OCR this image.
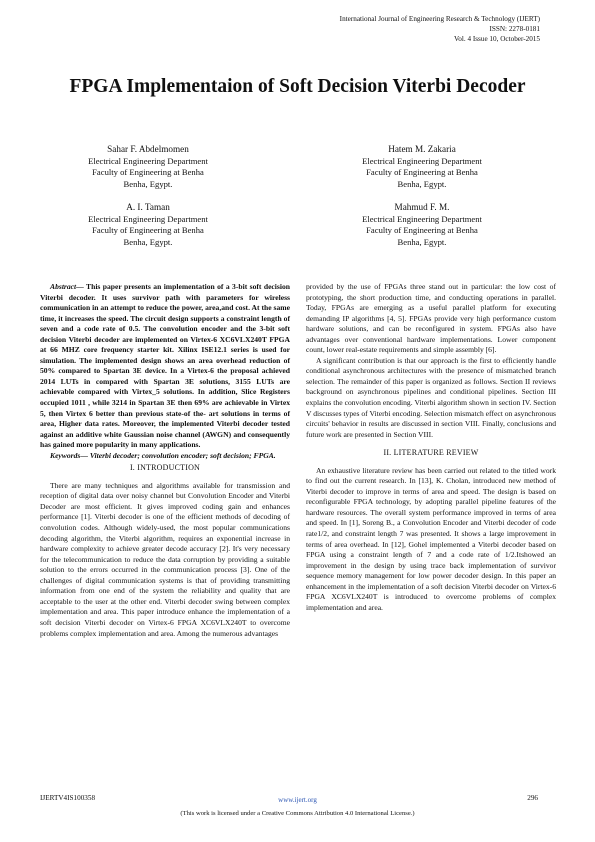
International Journal of Engineering Research & Technology (IJERT)
ISSN: 2278-0181
Vol. 4 Issue 10, October-2015
FPGA Implementaion of Soft Decision Viterbi Decoder
Sahar F. Abdelmomen
Electrical Engineering Department
Faculty of Engineering at Benha
Benha, Egypt.
Hatem M. Zakaria
Electrical Engineering Department
Faculty of Engineering at Benha
Benha, Egypt.
A. I. Taman
Electrical Engineering Department
Faculty of Engineering at Benha
Benha, Egypt.
Mahmud F. M.
Electrical Engineering Department
Faculty of Engineering at Benha
Benha, Egypt.

Abstract— This paper presents an implementation of a 3-bit soft decision Viterbi decoder. It uses survivor path with parameters for wireless communication in an attempt to reduce the power, area,and cost. At the same time, it increases the speed. The circuit design supports a constraint length of seven and a code rate of 0.5. The convolution encoder and the 3-bit soft decision Viterbi decoder are implemented on Virtex-6 XC6VLX240T FPGA at 66 MHZ core frequency starter kit. Xilinx ISE12.1 series is used for simulation. The implemented design shows an area overhead reduction of 50% compared to Spartan 3E device. In a Virtex-6 the proposal achieved 2014 LUTs in compared with Spartan 3E solutions, 3155 LUTs are achievable compared with Virtex_5 solutions. In addition, Slice Registers occupied 1011 , while 3214 in Spartan 3E then 69% are achievable in Virtex 5, then Virtex 6 better than previous state-of the- art solutions in terms of area, Higher data rates. Moreover, the implemented Viterbi decoder tested against an additive white Gaussian noise channel (AWGN) and consequently has gained more popularity in many applications.

Keywords— Viterbi decoder; convolution encoder; soft decision; FPGA.

I. INTRODUCTION

There are many techniques and algorithms available for transmission and reception of digital data over noisy channel but Convolution Encoder and Viterbi Decoder are most efficient. It gives improved coding gain and enhances performance [1]. Viterbi decoder is one of the efficient methods of decoding of convolution codes. Although widely-used, the most popular communications decoding algorithm, the Viterbi algorithm, requires an exponential increase in hardware complexity to achieve greater decode accuracy [2]. It's very necessary for the telecommunication to reduce the data corruption by providing a suitable solution to the errors occurred in the communication process [3]. One of the challenges of digital communication systems is that of providing transmitting information from one end of the system the reliability and quality that are acceptable to the user at the other end. Viterbi decoder swing between complex implementation and area. This paper introduce enhance the implementation of a soft decision Viterbi decoder on Virtex-6 FPGA XC6VLX240T to overcome problems complex implementation and area. Among the numerous advantages

provided by the use of FPGAs three stand out in particular: the low cost of prototyping, the short production time, and conducting operations in parallel. Today, FPGAs are emerging as a useful parallel platform for executing demanding IP algorithms [4, 5]. FPGAs provide very high performance custom hardware solutions, and can be reconfigured in system. FPGAs also have advantages over conventional hardware implementations. Lower component count, lower real-estate requirements and simple assembly [6].

A significant contribution is that our approach is the first to efficiently handle conditional asynchronous architectures with the presence of mismatched branch selection. The remainder of this paper is organized as follows. Section II reviews background on asynchronous pipelines and conditional pipelines. Section III explains the convolution encoding. Viterbi algorithm shown in section IV. Section V discusses types of Viterbi encoding. Selection mismatch effect on asynchronous circuits' behavior in results are discussed in section VIII. Finally, conclusions and future work are presented in Section VIII.

II. LITERATURE REVIEW

An exhaustive literature review has been carried out related to the titled work to find out the current research. In [13], K. Cholan, introduced new method of Viterbi decoder to improve in terms of area and speed. The design is based on reconfigurable FPGA technology, by adopting parallel pipeline features of the hardware resources. The overall system performance improved in terms of area and speed. In [1], Soreng B., a Convolution Encoder and Viterbi decoder of code rate1/2, and constraint length 7 was presented. It shows a large improvement in terms of area overhead. In [12], Gohel implemented a Viterbi decoder based on FPGA using a constraint length of 7 and a code rate of 1/2.Itshowed an improvement in the design by using trace back implementation of survivor sequence memory management for low power decoder design. In this paper an enhancement in the implementation of a soft decision Viterbi decoder on Virtex-6 FPGA XC6VLX240T is introduced to overcome problems of complex implementation and area.

IJERTV4IS100358	www.ijert.org	296
(This work is licensed under a Creative Commons Attribution 4.0 International License.)
